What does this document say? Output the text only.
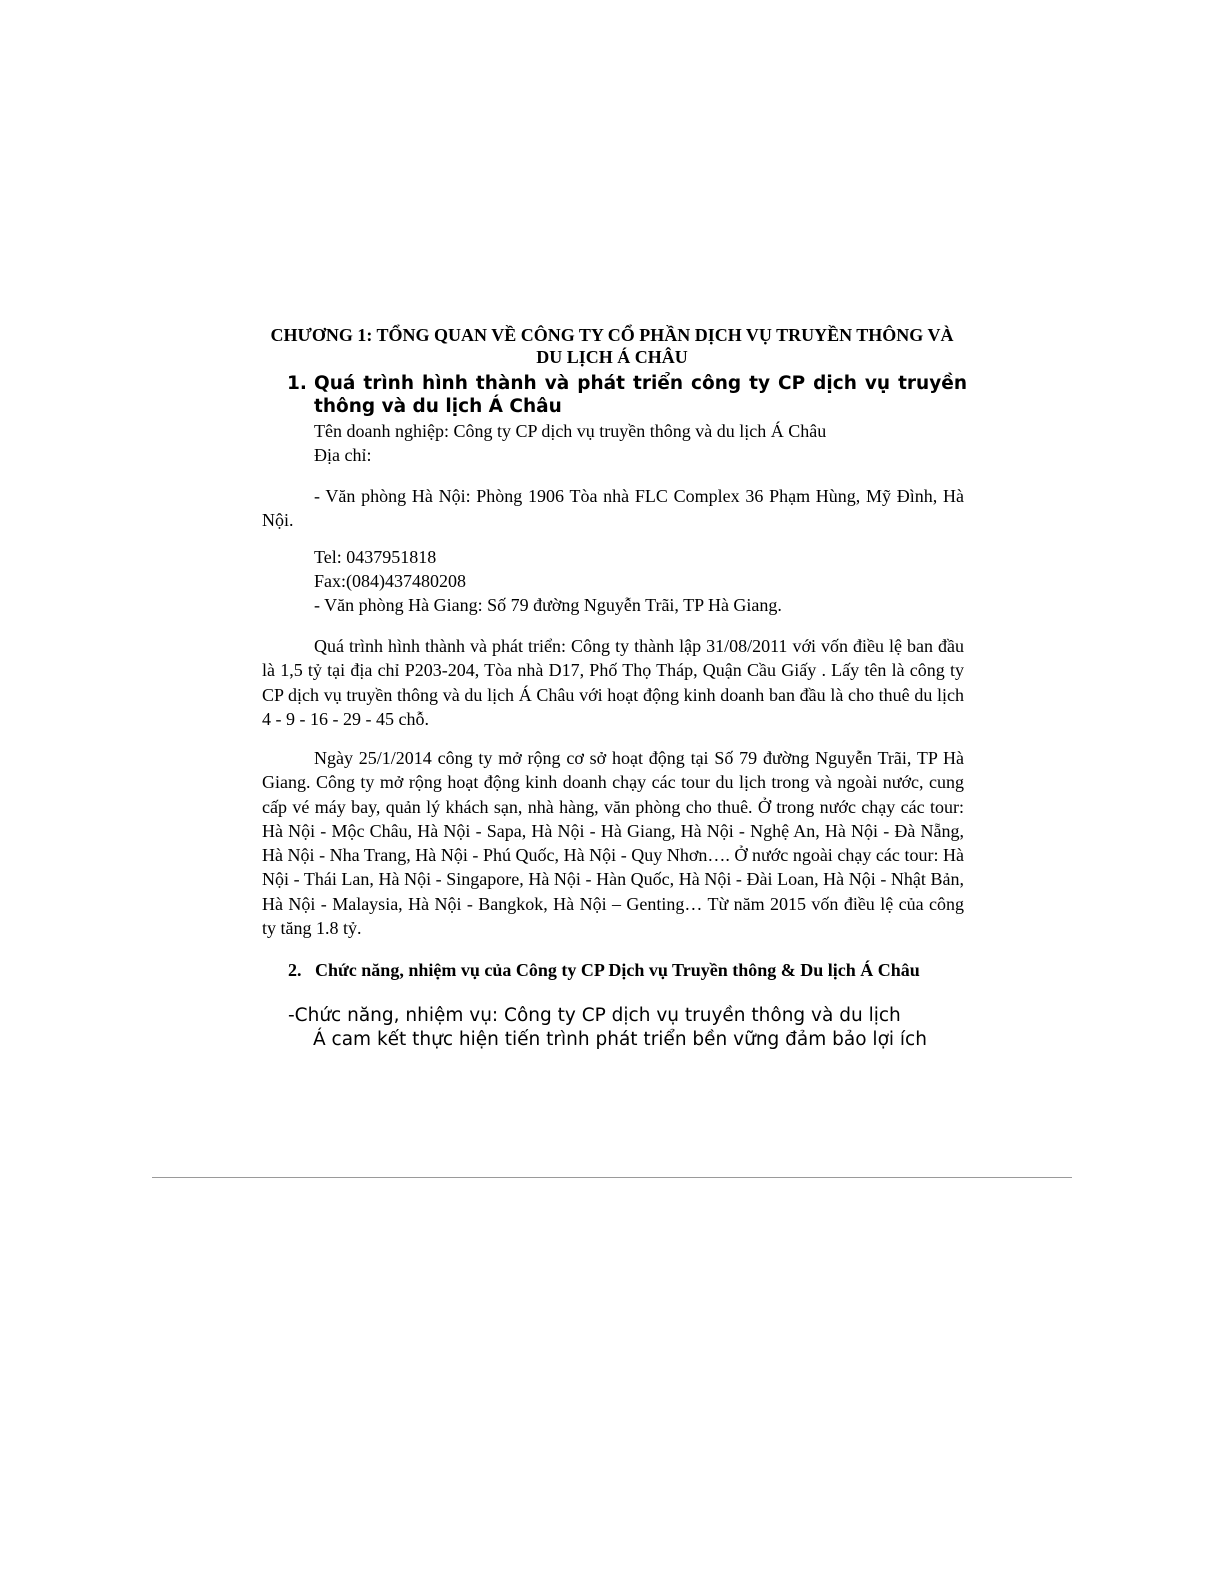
CHƯƠNG 1: TỔNG QUAN VỀ CÔNG TY CỔ PHẦN DỊCH VỤ TRUYỀN THÔNG VÀ DU LỊCH Á CHÂU
1. Quá trình hình thành và phát triển công ty CP dịch vụ truyền thông và du lịch Á Châu
Tên doanh nghiệp: Công ty CP dịch vụ truyền thông và du lịch Á Châu
Địa chỉ:
- Văn phòng Hà Nội: Phòng 1906 Tòa nhà FLC Complex 36 Phạm Hùng, Mỹ Đình, Hà Nội.
Tel: 0437951818
Fax:(084)437480208
- Văn phòng Hà Giang: Số 79 đường Nguyễn Trãi, TP Hà Giang.
Quá trình hình thành và phát triển: Công ty thành lập 31/08/2011 với vốn điều lệ ban đầu là 1,5 tỷ tại địa chỉ P203-204, Tòa nhà D17, Phố Thọ Tháp, Quận Cầu Giấy . Lấy tên là công ty CP dịch vụ truyền thông và du lịch Á Châu với hoạt động kinh doanh ban đầu là cho thuê du lịch 4 - 9 - 16 - 29 - 45 chỗ.
Ngày 25/1/2014 công ty mở rộng cơ sở hoạt động tại Số 79 đường Nguyễn Trãi, TP Hà Giang. Công ty mở rộng hoạt động kinh doanh chạy các tour du lịch trong và ngoài nước, cung cấp vé máy bay, quản lý khách sạn, nhà hàng, văn phòng cho thuê. Ở trong nước chạy các tour: Hà Nội - Mộc Châu, Hà Nội - Sapa, Hà Nội - Hà Giang, Hà Nội - Nghệ An, Hà Nội - Đà Nẵng, Hà Nội - Nha Trang, Hà Nội - Phú Quốc, Hà Nội - Quy Nhơn…. Ở nước ngoài chạy các tour: Hà Nội - Thái Lan, Hà Nội - Singapore, Hà Nội - Hàn Quốc, Hà Nội - Đài Loan, Hà Nội - Nhật Bản, Hà Nội - Malaysia, Hà Nội - Bangkok, Hà Nội – Genting… Từ năm 2015 vốn điều lệ của công ty tăng 1.8 tỷ.
2. Chức năng, nhiệm vụ của Công ty CP Dịch vụ Truyền thông & Du lịch Á Châu
-Chức năng, nhiệm vụ: Công ty CP dịch vụ truyền thông và du lịch
Á cam kết thực hiện tiến trình phát triển bền vững đảm bảo lợi ích
